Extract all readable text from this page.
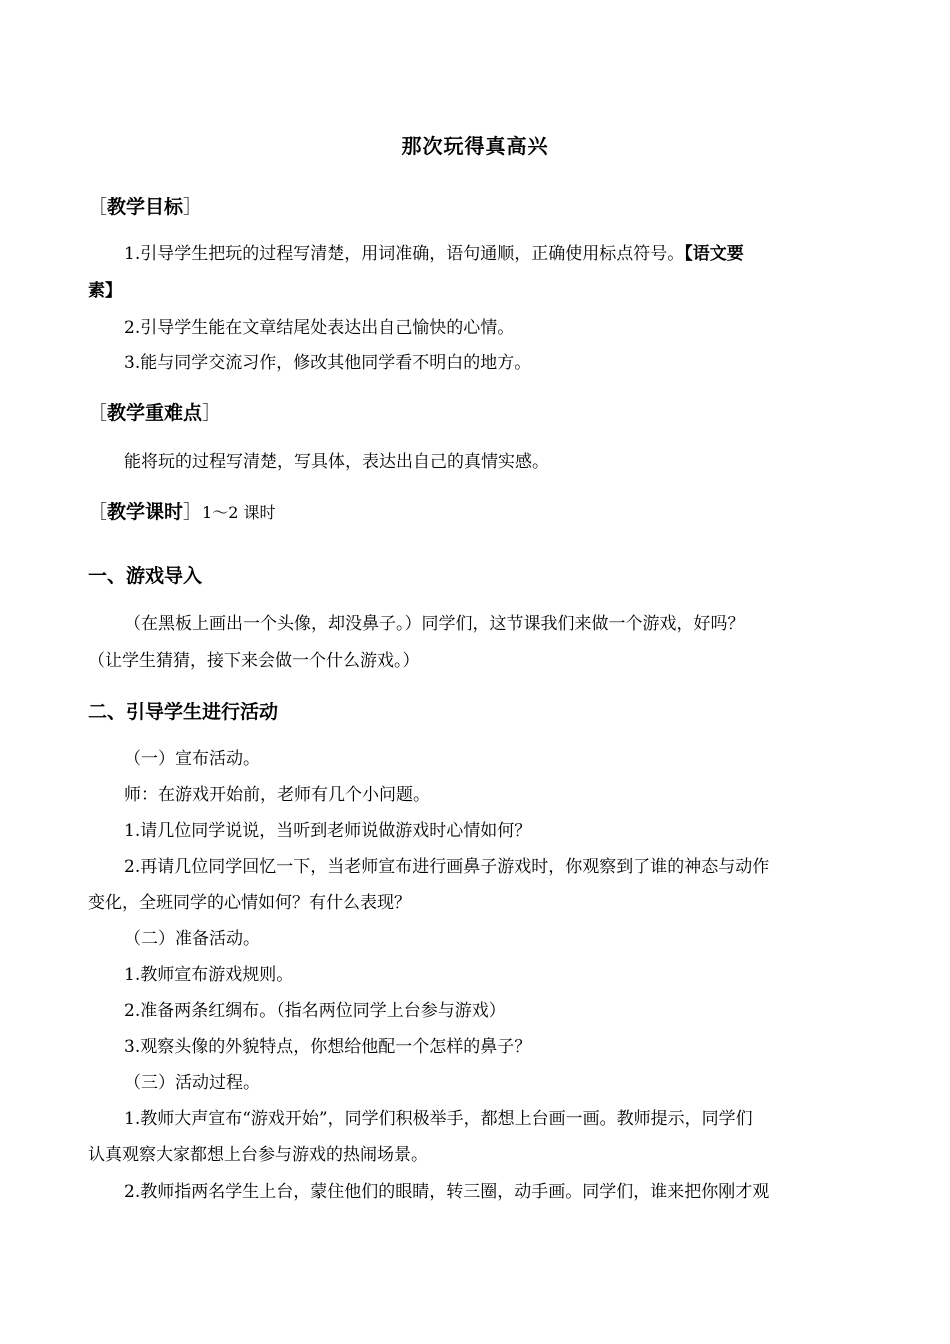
那次玩得真高兴
［教学目标］
1.引导学生把玩的过程写清楚，用词准确，语句通顺，正确使用标点符号。【语文要
素】
2.引导学生能在文章结尾处表达出自己愉快的心情。
3.能与同学交流习作，修改其他同学看不明白的地方。
［教学重难点］
能将玩的过程写清楚，写具体，表达出自己的真情实感。
［教学课时］1～2 课时
一、游戏导入
（在黑板上画出一个头像，却没鼻子。）同学们，这节课我们来做一个游戏，好吗？
（让学生猜猜，接下来会做一个什么游戏。）
二、引导学生进行活动
（一）宣布活动。
师：在游戏开始前，老师有几个小问题。
1.请几位同学说说，当听到老师说做游戏时心情如何？
2.再请几位同学回忆一下，当老师宣布进行画鼻子游戏时，你观察到了谁的神态与动作
变化，全班同学的心情如何？有什么表现？
（二）准备活动。
1.教师宣布游戏规则。
2.准备两条红绸布。（指名两位同学上台参与游戏）
3.观察头像的外貌特点，你想给他配一个怎样的鼻子？
（三）活动过程。
1.教师大声宣布“游戏开始”，同学们积极举手，都想上台画一画。教师提示，同学们
认真观察大家都想上台参与游戏的热闹场景。
2.教师指两名学生上台，蒙住他们的眼睛，转三圈，动手画。同学们，谁来把你刚才观
